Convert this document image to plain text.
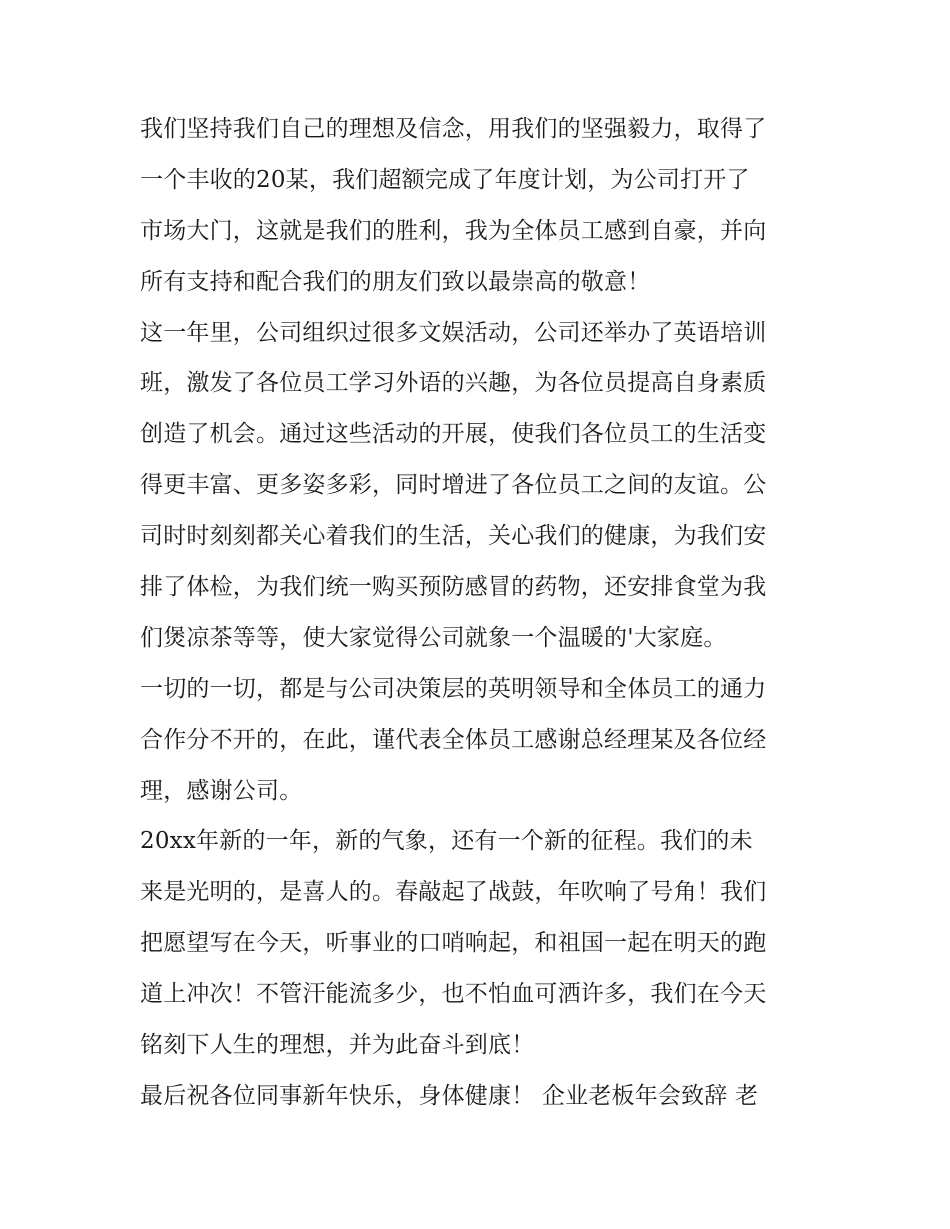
我们坚持我们自己的理想及信念，用我们的坚强毅力，取得了
一个丰收的20某，我们超额完成了年度计划，为公司打开了
市场大门，这就是我们的胜利，我为全体员工感到自豪，并向
所有支持和配合我们的朋友们致以最崇高的敬意！
这一年里，公司组织过很多文娱活动，公司还举办了英语培训
班，激发了各位员工学习外语的兴趣，为各位员提高自身素质
创造了机会。通过这些活动的开展，使我们各位员工的生活变
得更丰富、更多姿多彩，同时增进了各位员工之间的友谊。公
司时时刻刻都关心着我们的生活，关心我们的健康，为我们安
排了体检，为我们统一购买预防感冒的药物，还安排食堂为我
们煲凉茶等等，使大家觉得公司就象一个温暖的'大家庭。
一切的一切，都是与公司决策层的英明领导和全体员工的通力
合作分不开的，在此，谨代表全体员工感谢总经理某及各位经
理，感谢公司。
20xx年新的一年，新的气象，还有一个新的征程。我们的未
来是光明的，是喜人的。春敲起了战鼓，年吹响了号角！我们
把愿望写在今天，听事业的口哨响起，和祖国一起在明天的跑
道上冲次！不管汗能流多少，也不怕血可洒许多，我们在今天
铭刻下人生的理想，并为此奋斗到底！
最后祝各位同事新年快乐，身体健康！ 企业老板年会致辞 老
